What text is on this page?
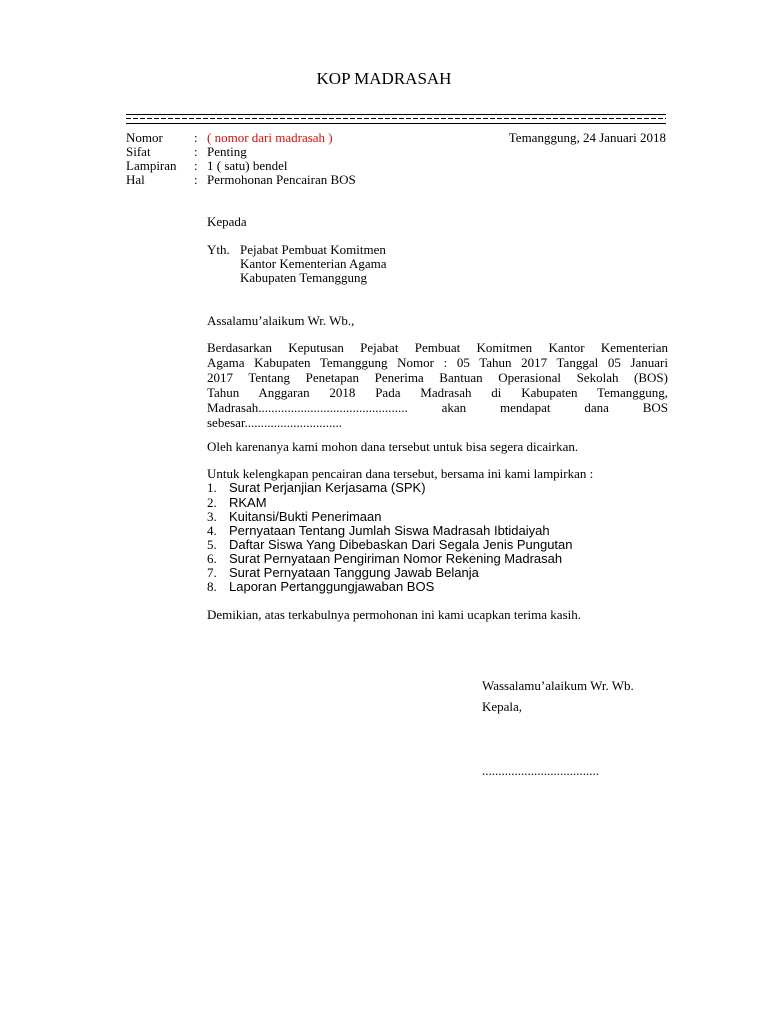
KOP MADRASAH
Nomor : ( nomor dari madrasah )	Temanggung, 24 Januari 2018
Sifat	: Penting
Lampiran : 1 ( satu) bendel
Hal	: Permohonan Pencairan BOS
Kepada
Yth. Pejabat Pembuat Komitmen
Kantor Kementerian Agama
Kabupaten Temanggung
Assalamu’alaikum Wr. Wb.,
Berdasarkan Keputusan Pejabat Pembuat Komitmen Kantor Kementerian
Agama Kabupaten Temanggung Nomor : 05 Tahun 2017 Tanggal 05 Januari
2017 Tentang Penetapan Penerima Bantuan Operasional Sekolah (BOS)
Tahun Anggaran 2018 Pada Madrasah di Kabupaten Temanggung,
Madrasah.............................................. akan mendapat dana BOS
sebesar..............................
Oleh karenanya kami mohon dana tersebut untuk bisa segera dicairkan.
Untuk kelengkapan pencairan dana tersebut, bersama ini kami lampirkan :
1. Surat Perjanjian Kerjasama (SPK)
2. RKAM
3. Kuitansi/Bukti Penerimaan
4. Pernyataan Tentang Jumlah Siswa Madrasah Ibtidaiyah
5. Daftar Siswa Yang Dibebaskan Dari Segala Jenis Pungutan
6. Surat Pernyataan Pengiriman Nomor Rekening Madrasah
7. Surat Pernyataan Tanggung Jawab Belanja
8. Laporan Pertanggungjawaban BOS
Demikian, atas terkabulnya permohonan ini kami ucapkan terima kasih.
Wassalamu’alaikum Wr. Wb.
Kepala,
....................................
